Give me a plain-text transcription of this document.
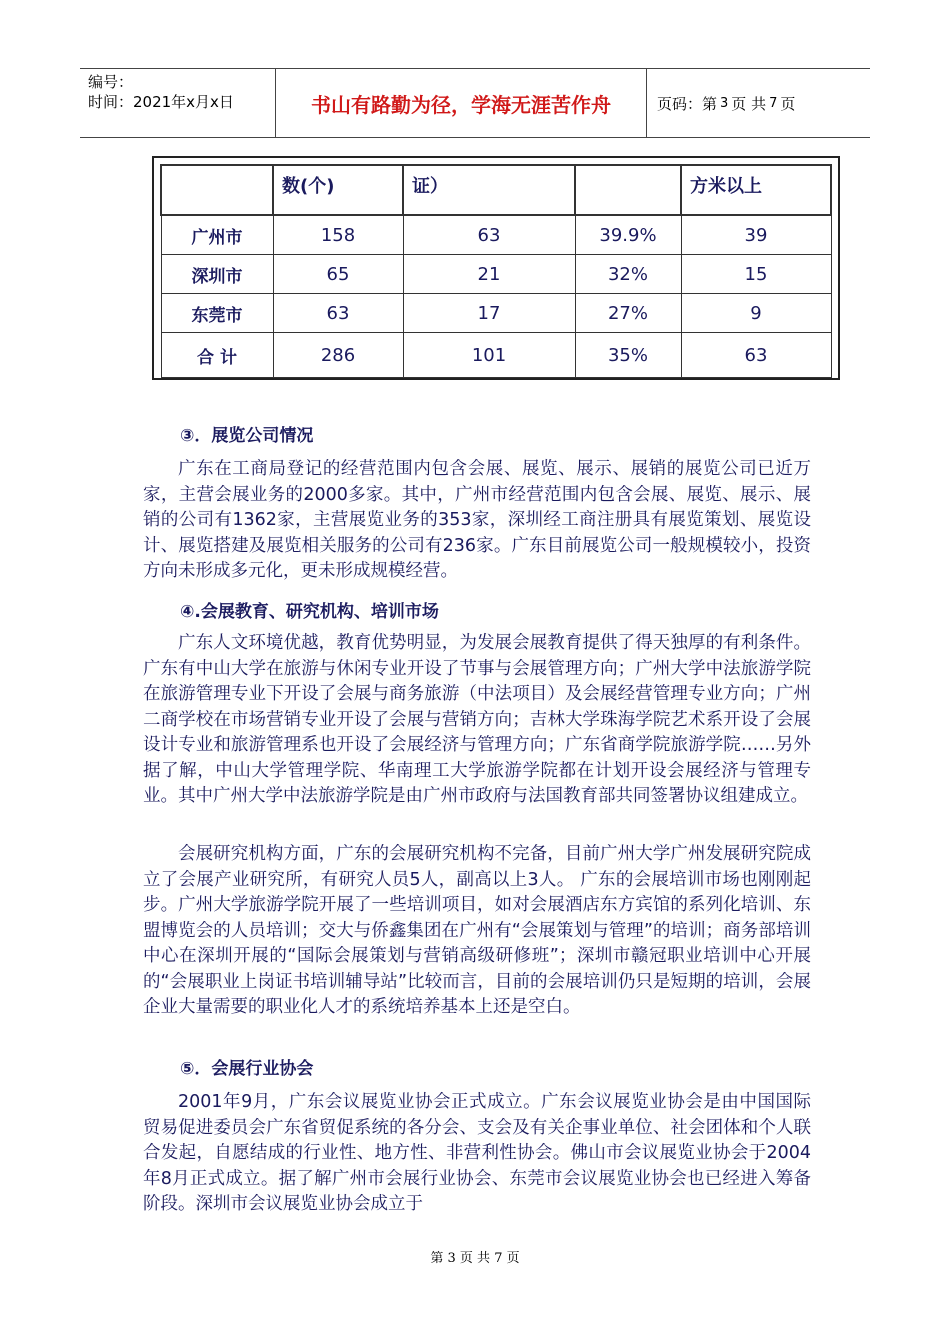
编号：
时间：2021年x月x日	书山有路勤为径，学海无涯苦作舟	页码：第 3 页 共 7 页
	数(个)	证）		方米以上
广州市	158	63	39.9%	39
深圳市	65	21	32%	15
东莞市	63	17	27%	9
合 计	286	101	35%	63
③．展览公司情况
广东在工商局登记的经营范围内包含会展、展览、展示、展销的展览公司已近万家，主营会展业务的2000多家。其中，广州市经营范围内包含会展、展览、展示、展销的公司有1362家，主营展览业务的353家，深圳经工商注册具有展览策划、展览设计、展览搭建及展览相关服务的公司有236家。广东目前展览公司一般规模较小，投资方向未形成多元化，更未形成规模经营。
④.会展教育、研究机构、培训市场
广东人文环境优越，教育优势明显，为发展会展教育提供了得天独厚的有利条件。广东有中山大学在旅游与休闲专业开设了节事与会展管理方向；广州大学中法旅游学院在旅游管理专业下开设了会展与商务旅游（中法项目）及会展经营管理专业方向；广州二商学校在市场营销专业开设了会展与营销方向；吉林大学珠海学院艺术系开设了会展设计专业和旅游管理系也开设了会展经济与管理方向；广东省商学院旅游学院……另外据了解，中山大学管理学院、华南理工大学旅游学院都在计划开设会展经济与管理专业。其中广州大学中法旅游学院是由广州市政府与法国教育部共同签署协议组建成立。
会展研究机构方面，广东的会展研究机构不完备，目前广州大学广州发展研究院成立了会展产业研究所，有研究人员5人，副高以上3人。 广东的会展培训市场也刚刚起步。广州大学旅游学院开展了一些培训项目，如对会展酒店东方宾馆的系列化培训、东盟博览会的人员培训；交大与侨鑫集团在广州有“会展策划与管理”的培训；商务部培训中心在深圳开展的“国际会展策划与营销高级研修班”；深圳市赣冠职业培训中心开展的“会展职业上岗证书培训辅导站”比较而言，目前的会展培训仍只是短期的培训，会展企业大量需要的职业化人才的系统培养基本上还是空白。
⑤．会展行业协会
2001年9月，广东会议展览业协会正式成立。广东会议展览业协会是由中国国际贸易促进委员会广东省贸促系统的各分会、支会及有关企事业单位、社会团体和个人联合发起，自愿结成的行业性、地方性、非营利性协会。佛山市会议展览业协会于2004年8月正式成立。据了解广州市会展行业协会、东莞市会议展览业协会也已经进入筹备阶段。深圳市会议展览业协会成立于
第 3 页 共 7 页
